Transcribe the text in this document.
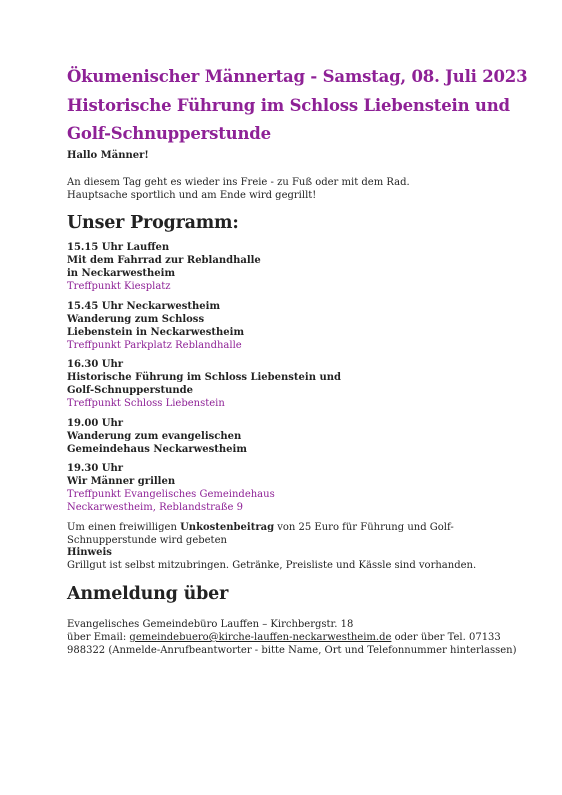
Ökumenischer Männertag - Samstag, 08. Juli 2023
Historische Führung im Schloss Liebenstein und
Golf-Schnupperstunde
Hallo Männer!
An diesem Tag geht es wieder ins Freie - zu Fuß oder mit dem Rad.
Hauptsache sportlich und am Ende wird gegrillt!
Unser Programm:
15.15 Uhr Lauffen
Mit dem Fahrrad zur Reblandhalle
in Neckarwestheim
Treffpunkt Kiesplatz
15.45 Uhr Neckarwestheim
Wanderung zum Schloss
Liebenstein in Neckarwestheim
Treffpunkt Parkplatz Reblandhalle
16.30 Uhr
Historische Führung im Schloss Liebenstein und
Golf-Schnupperstunde
Treffpunkt Schloss Liebenstein
19.00 Uhr
Wanderung zum evangelischen
Gemeindehaus Neckarwestheim
19.30 Uhr
Wir Männer grillen
Treffpunkt Evangelisches Gemeindehaus
Neckarwestheim, Reblandstraße 9
Um einen freiwilligen Unkostenbeitrag von 25 Euro für Führung und Golf-
Schnupperstunde wird gebeten
Hinweis
Grillgut ist selbst mitzubringen. Getränke, Preisliste und Kässle sind vorhanden.
Anmeldung über
Evangelisches Gemeindebüro Lauffen – Kirchbergstr. 18
über Email: gemeindebuero@kirche-lauffen-neckarwestheim.de oder über Tel. 07133
988322 (Anmelde-Anrufbeantworter - bitte Name, Ort und Telefonnummer hinterlassen)
